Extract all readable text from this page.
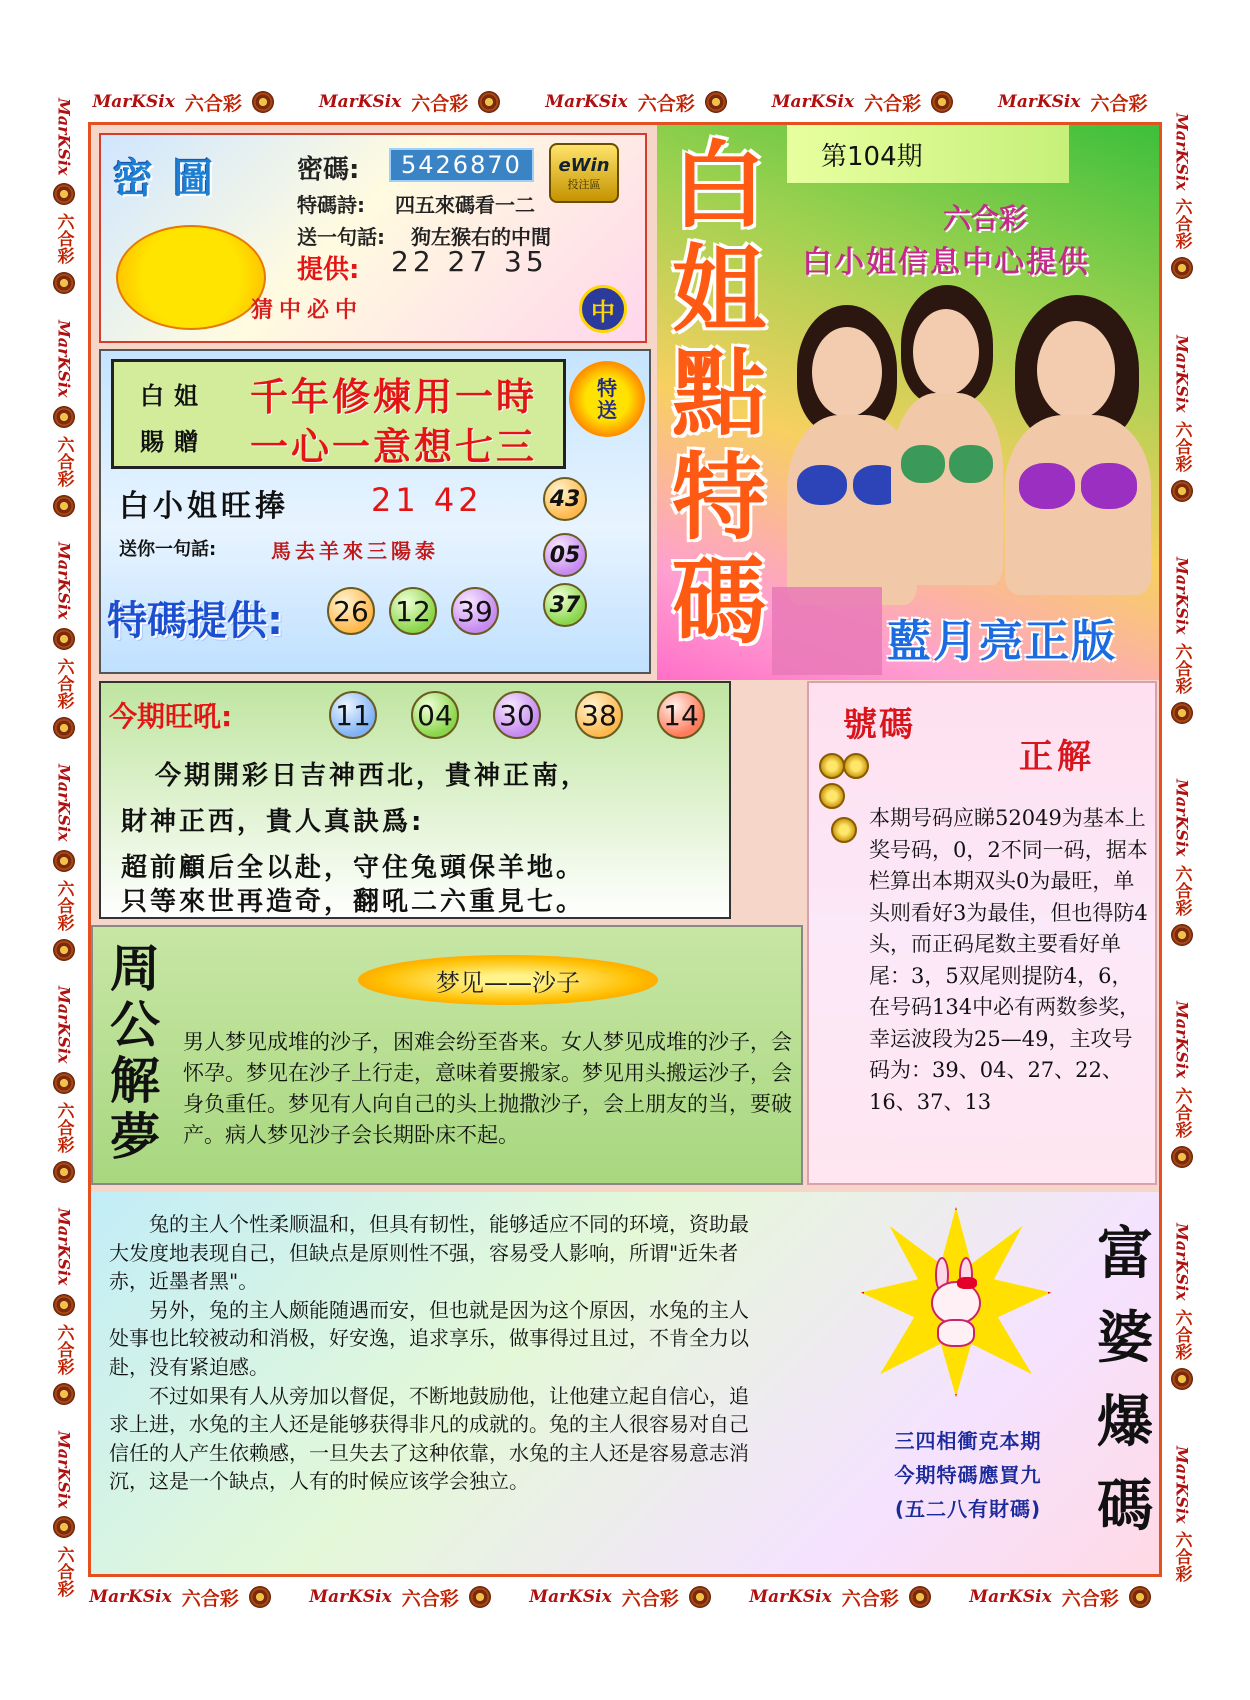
MarKSix 六合彩	MarKSix 六合彩	MarKSix 六合彩	MarKSix 六合彩	MarKSix 六合彩
MarKSix 六合彩	MarKSix 六合彩	MarKSix 六合彩	MarKSix 六合彩	MarKSix 六合彩
MarKSix
六合彩
MarKSix
六合彩
MarKSix
六合彩
MarKSix
六合彩
MarKSix
六合彩
MarKSix
六合彩
MarKSix
六合彩
MarKSix
六合彩
MarKSix
六合彩
MarKSix
六合彩
MarKSix
六合彩
MarKSix
六合彩
MarKSix
六合彩
MarKSix
六合彩
密圖 密碼:	5426870	eWin
投注區
特碼詩: 四五來碼看一二
送一句話: 狗左猴右的中間
提供: 22 27 35
猜中必中	中
白姐
賜贈
千年修煉用一時
一心一意想七三
特
送
白小姐旺捧	21 42
送你一句話:	馬去羊來三陽泰
特碼提供: 26 12 39
43
05
37
白
姐
點
特
碼
第104期
六合彩
白小姐信息中心提供
藍月亮正版
今期旺吼:	11 04 30 38 14
今期開彩日吉神西北，貴神正南，
財神正西，貴人真訣爲:
超前顧后全以赴，守住兔頭保羊地。
只等來世再造奇，翻吼二六重見七。
號碼
正解
本期号码应睇52049为基本上奖号码，0，2不同一码，据本栏算出本期双头0为最旺，单头则看好3为最佳，但也得防4头，而正码尾数主要看好单尾：3，5双尾则提防4，6，在号码134中必有两数参奖，幸运波段为25—49，主攻号码为：39、04、27、22、16、37、13
周
公
解
夢
梦见——沙子
男人梦见成堆的沙子，困难会纷至沓来。女人梦见成堆的沙子，会怀孕。梦见在沙子上行走，意味着要搬家。梦见用头搬运沙子，会身负重任。梦见有人向自己的头上抛撒沙子，会上朋友的当，要破产。病人梦见沙子会长期卧床不起。

兔的主人个性柔顺温和，但具有韧性，能够适应不同的环境，资助最大发度地表现自己，但缺点是原则性不强，容易受人影响，所谓"近朱者赤，近墨者黑"。

另外，兔的主人颇能随遇而安，但也就是因为这个原因，水兔的主人处事也比较被动和消极，好安逸，追求享乐，做事得过且过，不肯全力以赴，没有紧迫感。

不过如果有人从旁加以督促，不断地鼓励他，让他建立起自信心，追求上进，水兔的主人还是能够获得非凡的成就的。兔的主人很容易对自己信任的人产生依赖感，一旦失去了这种依靠，水兔的主人还是容易意志消沉，这是一个缺点，人有的时候应该学会独立。

三四相衝克本期
今期特碼應買九
(五二八有財碼)
富
婆
爆
碼
